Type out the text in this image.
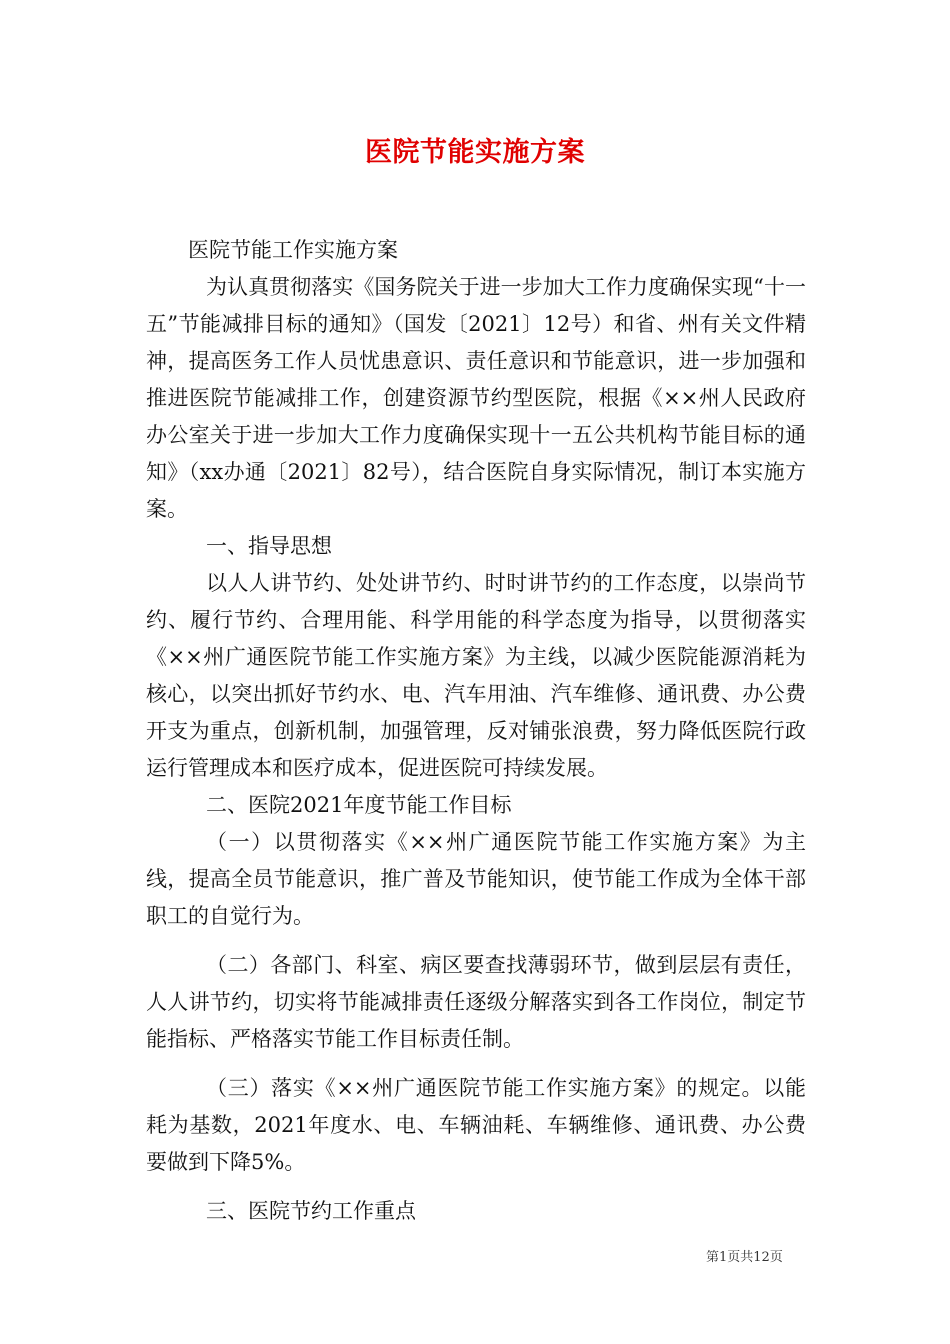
医院节能实施方案

医院节能工作实施方案

为认真贯彻落实《国务院关于进一步加大工作力度确保实现“十一五”节能减排目标的通知》（国发〔2021〕12号）和省、州有关文件精神，提高医务工作人员忧患意识、责任意识和节能意识，进一步加强和推进医院节能减排工作，创建资源节约型医院，根据《××州人民政府办公室关于进一步加大工作力度确保实现十一五公共机构节能目标的通知》（xx办通〔2021〕82号），结合医院自身实际情况，制订本实施方案。

一、指导思想

以人人讲节约、处处讲节约、时时讲节约的工作态度，以崇尚节约、履行节约、合理用能、科学用能的科学态度为指导，以贯彻落实《××州广通医院节能工作实施方案》为主线，以减少医院能源消耗为核心，以突出抓好节约水、电、汽车用油、汽车维修、通讯费、办公费开支为重点，创新机制，加强管理，反对铺张浪费，努力降低医院行政运行管理成本和医疗成本，促进医院可持续发展。

二、医院2021年度节能工作目标

（一）以贯彻落实《××州广通医院节能工作实施方案》为主线，提高全员节能意识，推广普及节能知识，使节能工作成为全体干部职工的自觉行为。

（二）各部门、科室、病区要查找薄弱环节，做到层层有责任，人人讲节约，切实将节能减排责任逐级分解落实到各工作岗位，制定节能指标、严格落实节能工作目标责任制。

（三）落实《××州广通医院节能工作实施方案》的规定。以能耗为基数，2021年度水、电、车辆油耗、车辆维修、通讯费、办公费要做到下降5%。

三、医院节约工作重点

第1页共12页
